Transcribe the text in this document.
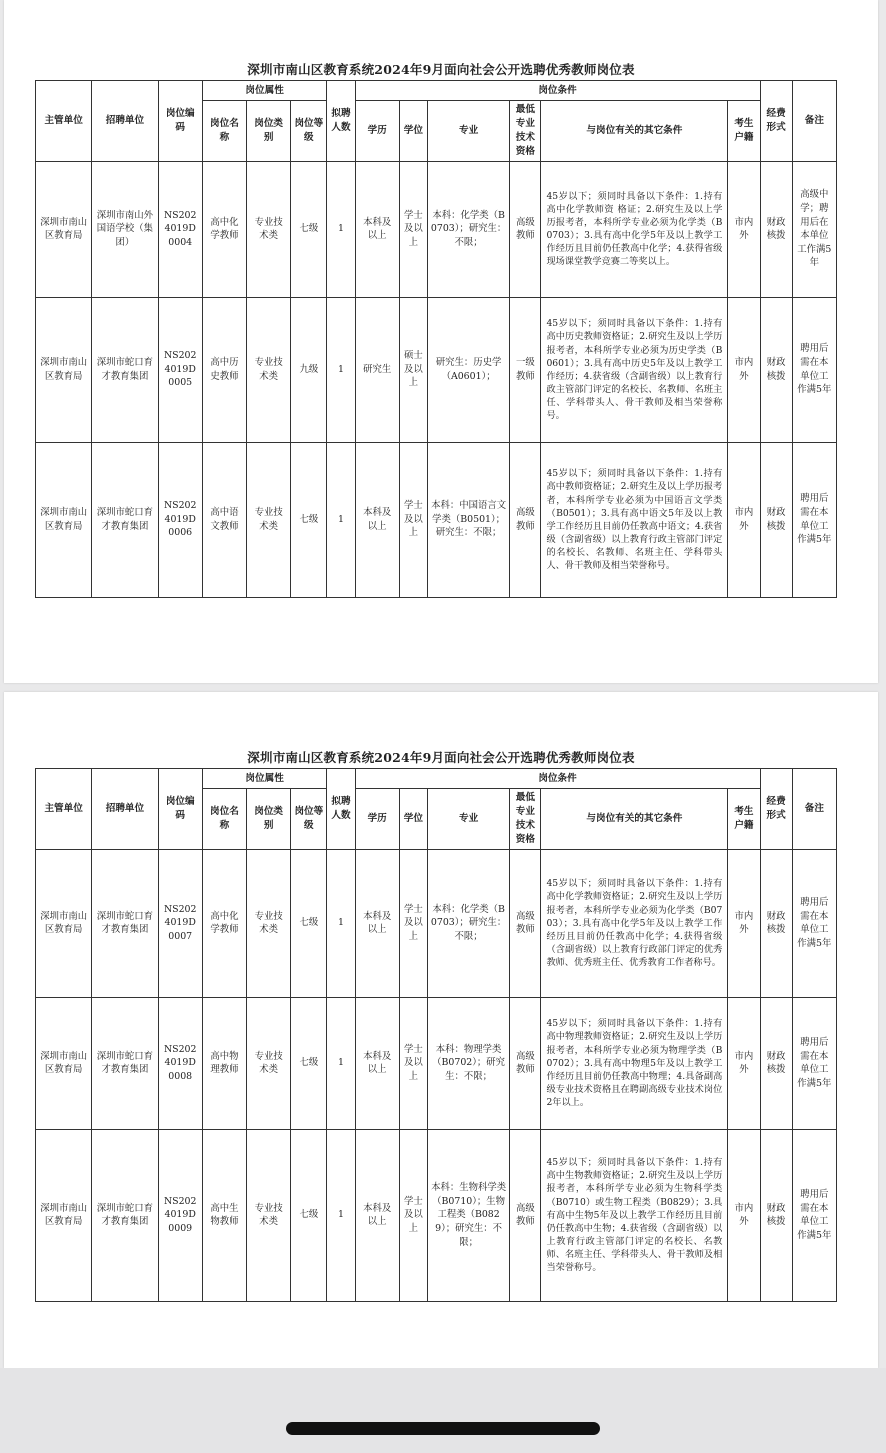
深圳市南山区教育系统2024年9月面向社会公开选聘优秀教师岗位表
主管单位	招聘单位	岗位编码	岗位属性			拟聘人数	岗位条件						经费形式	备注
			岗位名称	岗位类别	岗位等级		学历	学位	专业	最低专业技术资格	与岗位有关的其它条件	考生户籍		
深圳市南山区教育局	深圳市南山外国语学校（集团）	NS2024019D0004	高中化学教师	专业技术类	七级	1	本科及以上	学士及以上	本科：化学类（B0703）；研究生：不限；	高级教师	45岁以下；须同时具备以下条件：1.持有高中化学教师资 格证；2.研究生及以上学历报考者，本科所学专业必须为化学类（B0703）；3.具有高中化学5年及以上教学工作经历且目前仍任教高中化学；4.获得省级现场课堂教学竞赛二等奖以上。	市内外	财政核拨	高级中学；聘用后在本单位工作满5年
深圳市南山区教育局	深圳市蛇口育才教育集团	NS2024019D0005	高中历史教师	专业技术类	九级	1	研究生	硕士及以上	研究生：历史学（A0601）；	一级教师	45岁以下；须同时具备以下条件：1.持有高中历史教师资格证；2.研究生及以上学历报考者，本科所学专业必须为历史学类（B0601）；3.具有高中历史5年及以上教学工作经历；4.获省级（含副省级）以上教育行政主管部门评定的名校长、名教师、名班主任、学科带头人、骨干教师及相当荣誉称号。	市内外	财政核拨	聘用后需在本单位工作满5年
深圳市南山区教育局	深圳市蛇口育才教育集团	NS2024019D0006	高中语文教师	专业技术类	七级	1	本科及以上	学士及以上	本科：中国语言文学类（B0501）；研究生：不限；	高级教师	45岁以下；须同时具备以下条件：1.持有高中教师资格证；2.研究生及以上学历报考者，本科所学专业必须为中国语言文学类（B0501）；3.具有高中语文5年及以上教学工作经历且目前仍任教高中语文；4.获省级（含副省级）以上教育行政主管部门评定的名校长、名教师、名班主任、学科带头人、骨干教师及相当荣誉称号。	市内外	财政核拨	聘用后需在本单位工作满5年
深圳市南山区教育系统2024年9月面向社会公开选聘优秀教师岗位表
主管单位	招聘单位	岗位编码	岗位属性			拟聘人数	岗位条件						经费形式	备注
			岗位名称	岗位类别	岗位等级		学历	学位	专业	最低专业技术资格	与岗位有关的其它条件	考生户籍		
深圳市南山区教育局	深圳市蛇口育才教育集团	NS2024019D0007	高中化学教师	专业技术类	七级	1	本科及以上	学士及以上	本科：化学类（B0703）；研究生：不限；	高级教师	45岁以下；须同时具备以下条件：1.持有高中化学教师资格证；2.研究生及以上学历报考者，本科所学专业必须为化学类（B0703）；3.具有高中化学5年及以上教学工作经历且目前仍任教高中化学；4.获得省级（含副省级）以上教育行政部门评定的优秀教师、优秀班主任、优秀教育工作者称号。	市内外	财政核拨	聘用后需在本单位工作满5年
深圳市南山区教育局	深圳市蛇口育才教育集团	NS2024019D0008	高中物理教师	专业技术类	七级	1	本科及以上	学士及以上	本科：物理学类（B0702）；研究生：不限；	高级教师	45岁以下；须同时具备以下条件：1.持有高中物理教师资格证；2.研究生及以上学历报考者，本科所学专业必须为物理学类（B0702）；3.具有高中物理5年及以上教学工作经历且目前仍任教高中物理；4.具备副高级专业技术资格且在聘副高级专业技术岗位2年以上。	市内外	财政核拨	聘用后需在本单位工作满5年
深圳市南山区教育局	深圳市蛇口育才教育集团	NS2024019D0009	高中生物教师	专业技术类	七级	1	本科及以上	学士及以上	本科：生物科学类（B0710）；生物工程类（B0829）；研究生：不限；	高级教师	45岁以下；须同时具备以下条件：1.持有高中生物教师资格证；2.研究生及以上学历报考者，本科所学专业必须为生物科学类（B0710）或生物工程类（B0829）；3.具有高中生物5年及以上教学工作经历且目前仍任教高中生物；4.获省级（含副省级）以上教育行政主管部门评定的名校长、名教师、名班主任、学科带头人、骨干教师及相当荣誉称号。	市内外	财政核拨	聘用后需在本单位工作满5年
